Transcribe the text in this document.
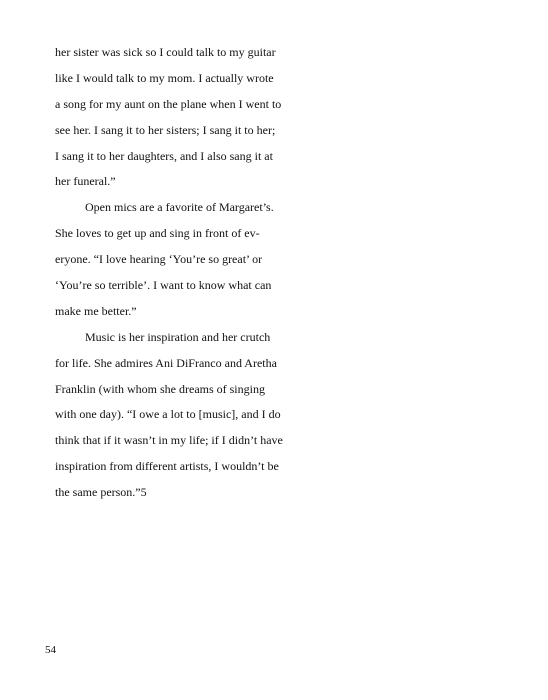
her sister was sick so I could talk to my guitar
like I would talk to my mom. I actually wrote
a song for my aunt on the plane when I went to
see her. I sang it to her sisters; I sang it to her;
I sang it to her daughters, and I also sang it at
her funeral.”
Open mics are a favorite of Margaret’s.
She loves to get up and sing in front of ev-
eryone. “I love hearing ‘You’re so great’ or
‘You’re so terrible’. I want to know what can
make me better.”
Music is her inspiration and her crutch
for life. She admires Ani DiFranco and Aretha
Franklin (with whom she dreams of singing
with one day). “I owe a lot to [music], and I do
think that if it wasn’t in my life; if I didn’t have
inspiration from different artists, I wouldn’t be
the same person.”5
54
